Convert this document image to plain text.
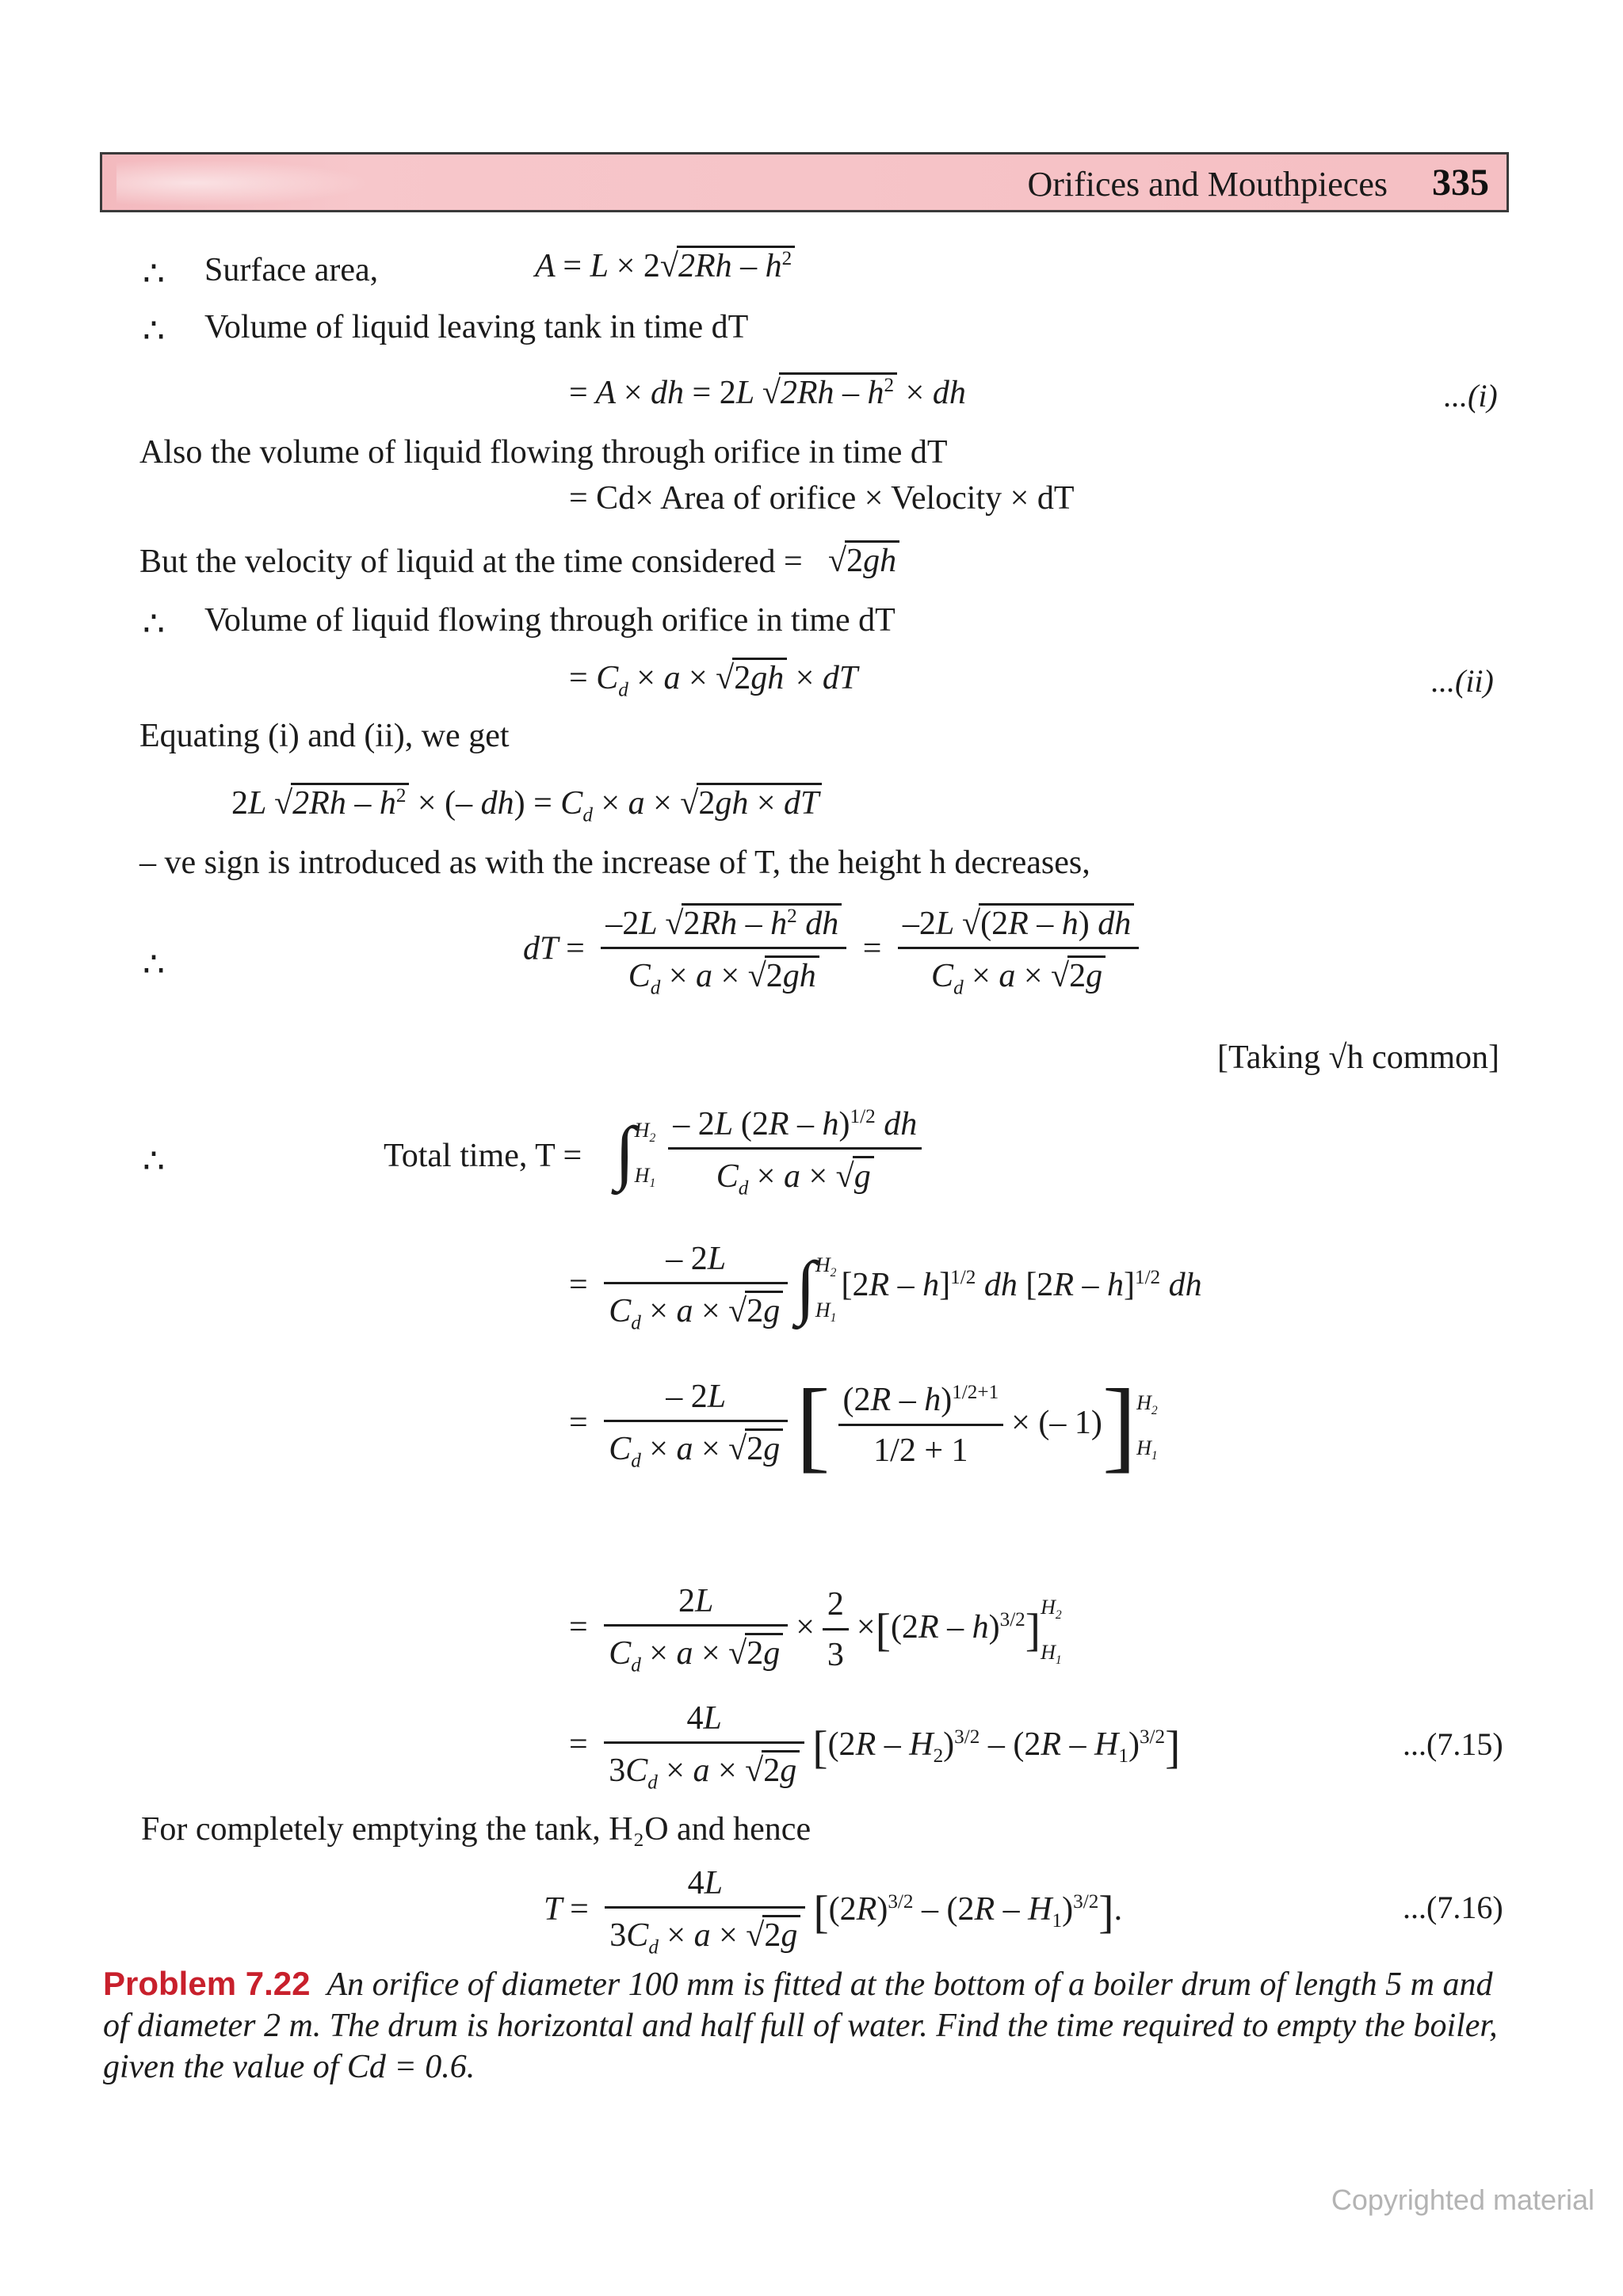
Orifices and Mouthpieces 335
∴ Surface area,	$A = L \times 2√2Rh - h^2$
∴ Volume of liquid leaving tank in time dT
= A × dh = 2L $√2Rh - h^2$ × dh	...(i)
Also the volume of liquid flowing through orifice in time dT
= Cd× Area of orifice × Velocity × dT
But the velocity of liquid at the time considered = √2gh
∴ Volume of liquid flowing through orifice in time dT
= $C_d \times a \times √2gh$ × dT	...(ii)
Equating (i) and (ii), we get
2L $√2Rh - h^2$ × (– $dh) = C_d \times a \times √2gh$ × dT
– ve sign is introduced as with the increase of T, the height h decreases,
∴	dT = $\frac{-2L √2Rh - h^2 dh}{C_d \times a \times √2gh} = \frac{-2L √(2R - h) dh}{C_d \times a \times √2g}$
[Taking √h common]
∴	Total time, T = ∫ $H_2$
$H_1 \frac{- 2L (2R - h)^{1/2} dh}{C_d \times a \times √g}$
= $\frac{- 2L}{C_d \times a \times √2g}$ ∫ $H_2$
$H_1$
[2R – h]$^{1/2}$ dh [2R – h]$^{1/2}$ dh
= $\frac{- 2L}{C_d \times a \times √2g}$ [ $\frac{(2R - h)^{1/2+1}}{1/2 + 1}$ × (– 1)] $H_2$
$H_1$
= $\frac{2L}{C_d \times a \times √2g} \times \frac{2}{3} \times[(2R - h)^{3/2}]$ $H_2$
$H_1$
= $\frac{4L}{3C_d \times a \times √2g} [(2R - H_2)^{3/2} - (2R - H_1)^{3/2}]$	...(7.15)
For completely emptying the tank, H₂O and hence
$T = \frac{4L}{3C_d \times a \times √2g} [(2R)^{3/2} - (2R - H_1)^{3/2}]$.	...(7.16)
Problem 7.22 An orifice of diameter 100 mm is fitted at the bottom of a boiler drum of length 5 m and of diameter 2 m. The drum is horizontal and half full of water. Find the time required to empty the boiler, given the value of Cd = 0.6.
Copyrighted material
